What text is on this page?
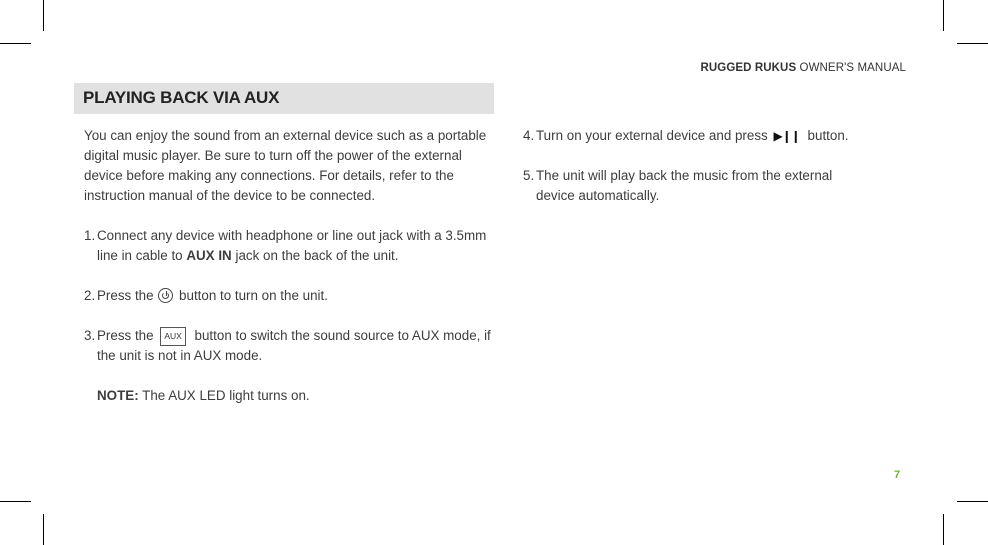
RUGGED RUKUS OWNER'S MANUAL
PLAYING BACK VIA AUX

You can enjoy the sound from an external device such as a portable digital music player. Be sure to turn off the power of the external device before making any connections. For details, refer to the instruction manual of the device to be connected.

1. Connect any device with headphone or line out jack with a 3.5mm line in cable to AUX IN jack on the back of the unit.
2. Press the button to turn on the unit.
3. Press the AUX button to switch the sound source to AUX mode, if the unit is not in AUX mode.
NOTE: The AUX LED light turns on.
4. Turn on your external device and press ▶❙❙ button.
5. The unit will play back the music from the external device automatically.
7
